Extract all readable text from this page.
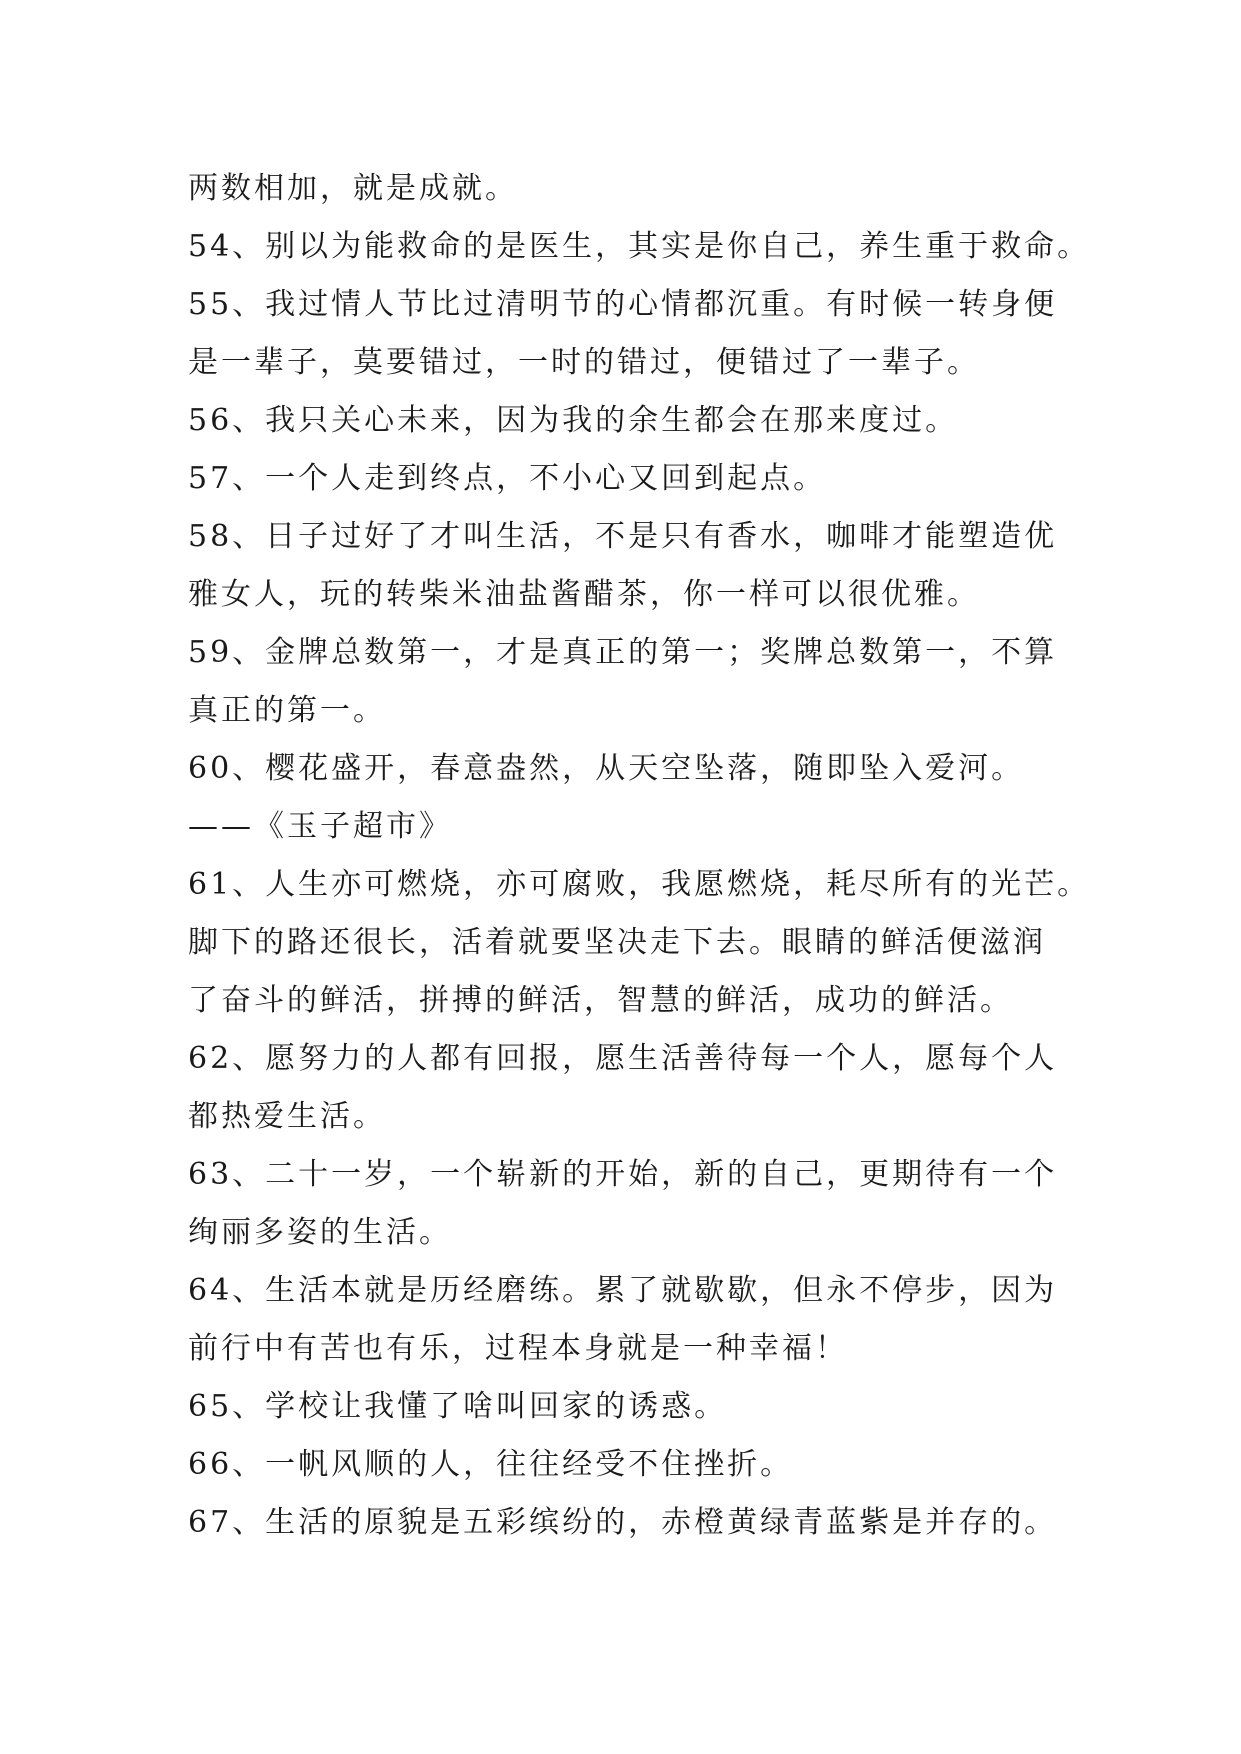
两数相加，就是成就。
54、别以为能救命的是医生，其实是你自己，养生重于救命。
55、我过情人节比过清明节的心情都沉重。有时候一转身便
是一辈子，莫要错过，一时的错过，便错过了一辈子。
56、我只关心未来，因为我的余生都会在那来度过。
57、一个人走到终点，不小心又回到起点。
58、日子过好了才叫生活，不是只有香水，咖啡才能塑造优
雅女人，玩的转柴米油盐酱醋茶，你一样可以很优雅。
59、金牌总数第一，才是真正的第一；奖牌总数第一，不算
真正的第一。
60、樱花盛开，春意盎然，从天空坠落，随即坠入爱河。
——《玉子超市》
61、人生亦可燃烧，亦可腐败，我愿燃烧，耗尽所有的光芒。
脚下的路还很长，活着就要坚决走下去。眼睛的鲜活便滋润
了奋斗的鲜活，拼搏的鲜活，智慧的鲜活，成功的鲜活。
62、愿努力的人都有回报，愿生活善待每一个人，愿每个人
都热爱生活。
63、二十一岁，一个崭新的开始，新的自己，更期待有一个
绚丽多姿的生活。
64、生活本就是历经磨练。累了就歇歇，但永不停步，因为
前行中有苦也有乐，过程本身就是一种幸福！
65、学校让我懂了啥叫回家的诱惑。
66、一帆风顺的人，往往经受不住挫折。
67、生活的原貌是五彩缤纷的，赤橙黄绿青蓝紫是并存的。
